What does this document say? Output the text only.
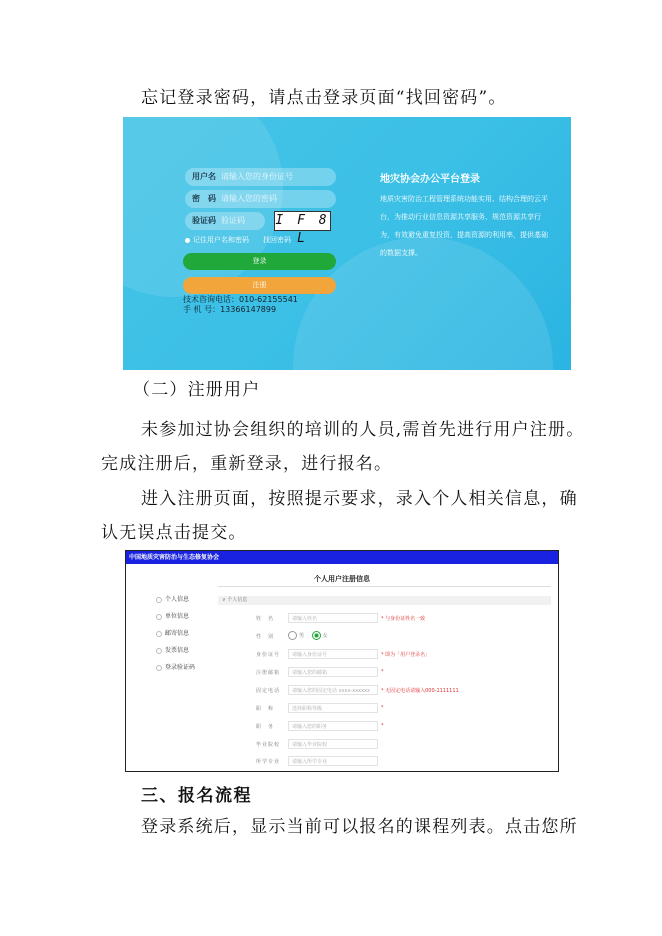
忘记登录密码，请点击登录页面“找回密码”。
用户名 请输入您的身份证号
密　码 请输入您的密码
验证码 验证码 I F 8 L
记住用户名和密码 找回密码
登录
注册
技术咨询电话：010-62155541
手 机 号：13366147899
地灾协会办公平台登录
地质灾害防治工程管理系统功能实用、结构合理的云平台，为推动行业信息资源共享服务、规范资源共享行为，有效避免重复投资，提高资源的利用率，提供基础的数据支撑。
（二）注册用户
未参加过协会组织的培训的人员,需首先进行用户注册。
完成注册后，重新登录，进行报名。
进入注册页面，按照提示要求，录入个人相关信息，确
认无误点击提交。
中国地质灾害防治与生态修复协会
个人用户注册信息
个人信息
单位信息
邮寄信息
发票信息
登录验证码
∨ 个人信息
姓　名	请输入姓名	* 与身份证姓名一致
性　别	男	女
身份证号	请输入身份证号	* 即为「用户登录名」
注册邮箱	请输入您的邮箱	*
固定电话	请输入您的固定电话 xxxx-xxxxxx	* 无固定电话请输入000-1111111
职　称	选择职称等级	*
职　务	请输入您的职务	*
毕业院校	请输入毕业院校
所学专业	请输入所学专业
三、报名流程
登录系统后，显示当前可以报名的课程列表。点击您所
